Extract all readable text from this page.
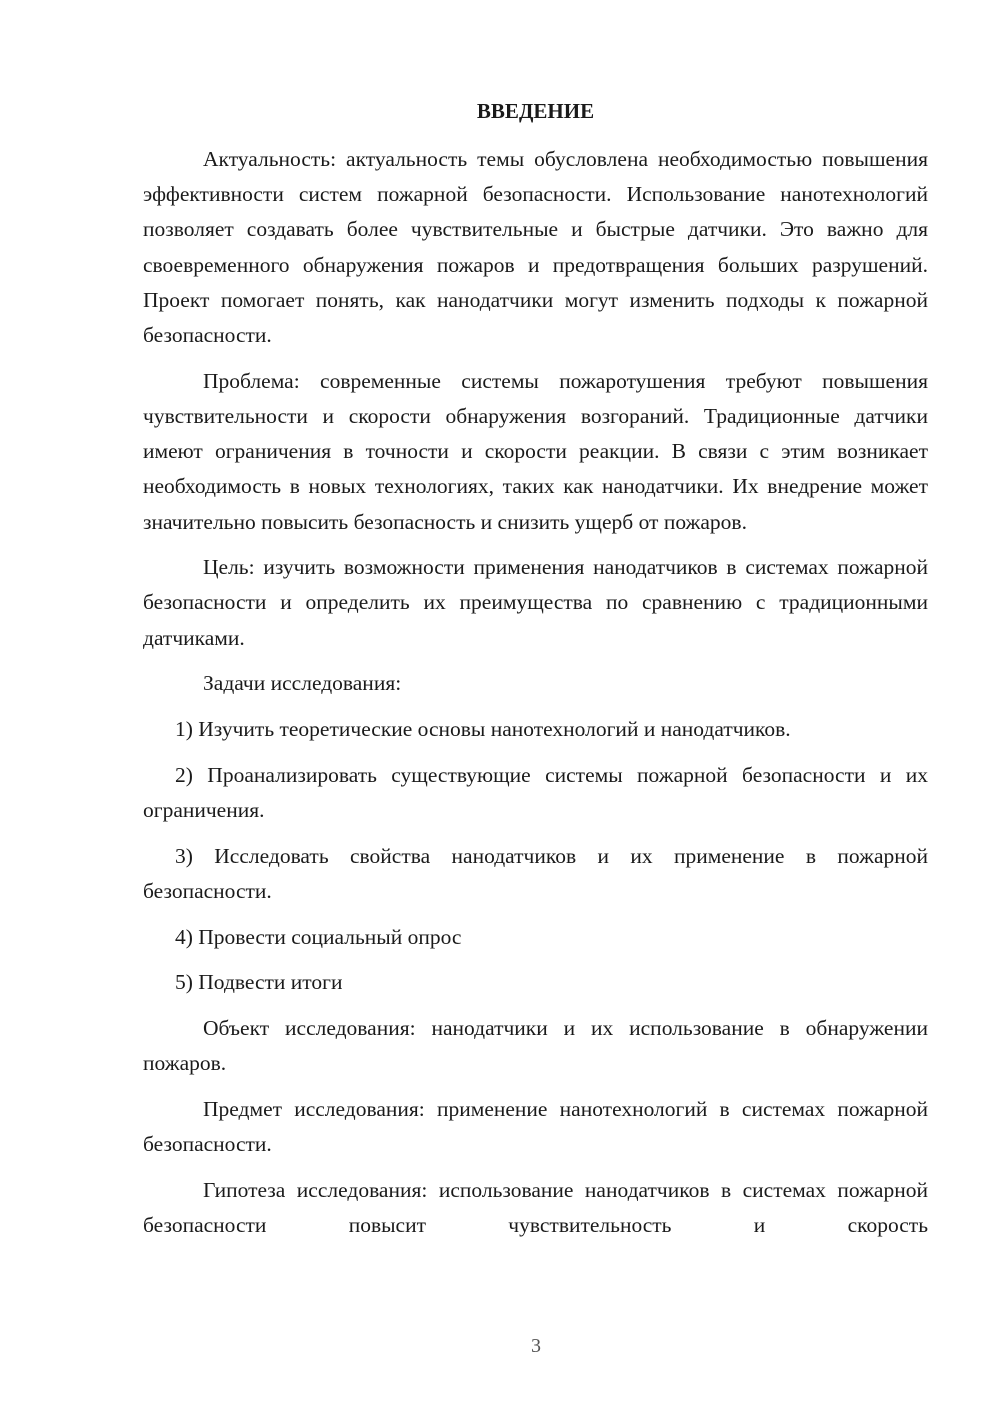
ВВЕДЕНИЕ

Актуальность: актуальность темы обусловлена необходимостью повышения эффективности систем пожарной безопасности. Использование нанотехнологий позволяет создавать более чувствительные и быстрые датчики. Это важно для своевременного обнаружения пожаров и предотвращения больших разрушений. Проект помогает понять, как нанодатчики могут изменить подходы к пожарной безопасности.

Проблема: современные системы пожаротушения требуют повышения чувствительности и скорости обнаружения возгораний. Традиционные датчики имеют ограничения в точности и скорости реакции. В связи с этим возникает необходимость в новых технологиях, таких как нанодатчики. Их внедрение может значительно повысить безопасность и снизить ущерб от пожаров.

Цель: изучить возможности применения нанодатчиков в системах пожарной безопасности и определить их преимущества по сравнению с традиционными датчиками.

Задачи исследования:

1) Изучить теоретические основы нанотехнологий и нанодатчиков.

2) Проанализировать существующие системы пожарной безопасности и их ограничения.

3) Исследовать свойства нанодатчиков и их применение в пожарной безопасности.

4) Провести социальный опрос

5) Подвести итоги

Объект исследования: нанодатчики и их использование в обнаружении пожаров.

Предмет исследования: применение нанотехнологий в системах пожарной безопасности.

Гипотеза исследования: использование нанодатчиков в системах пожарной безопасности повысит чувствительность и скорость

3
